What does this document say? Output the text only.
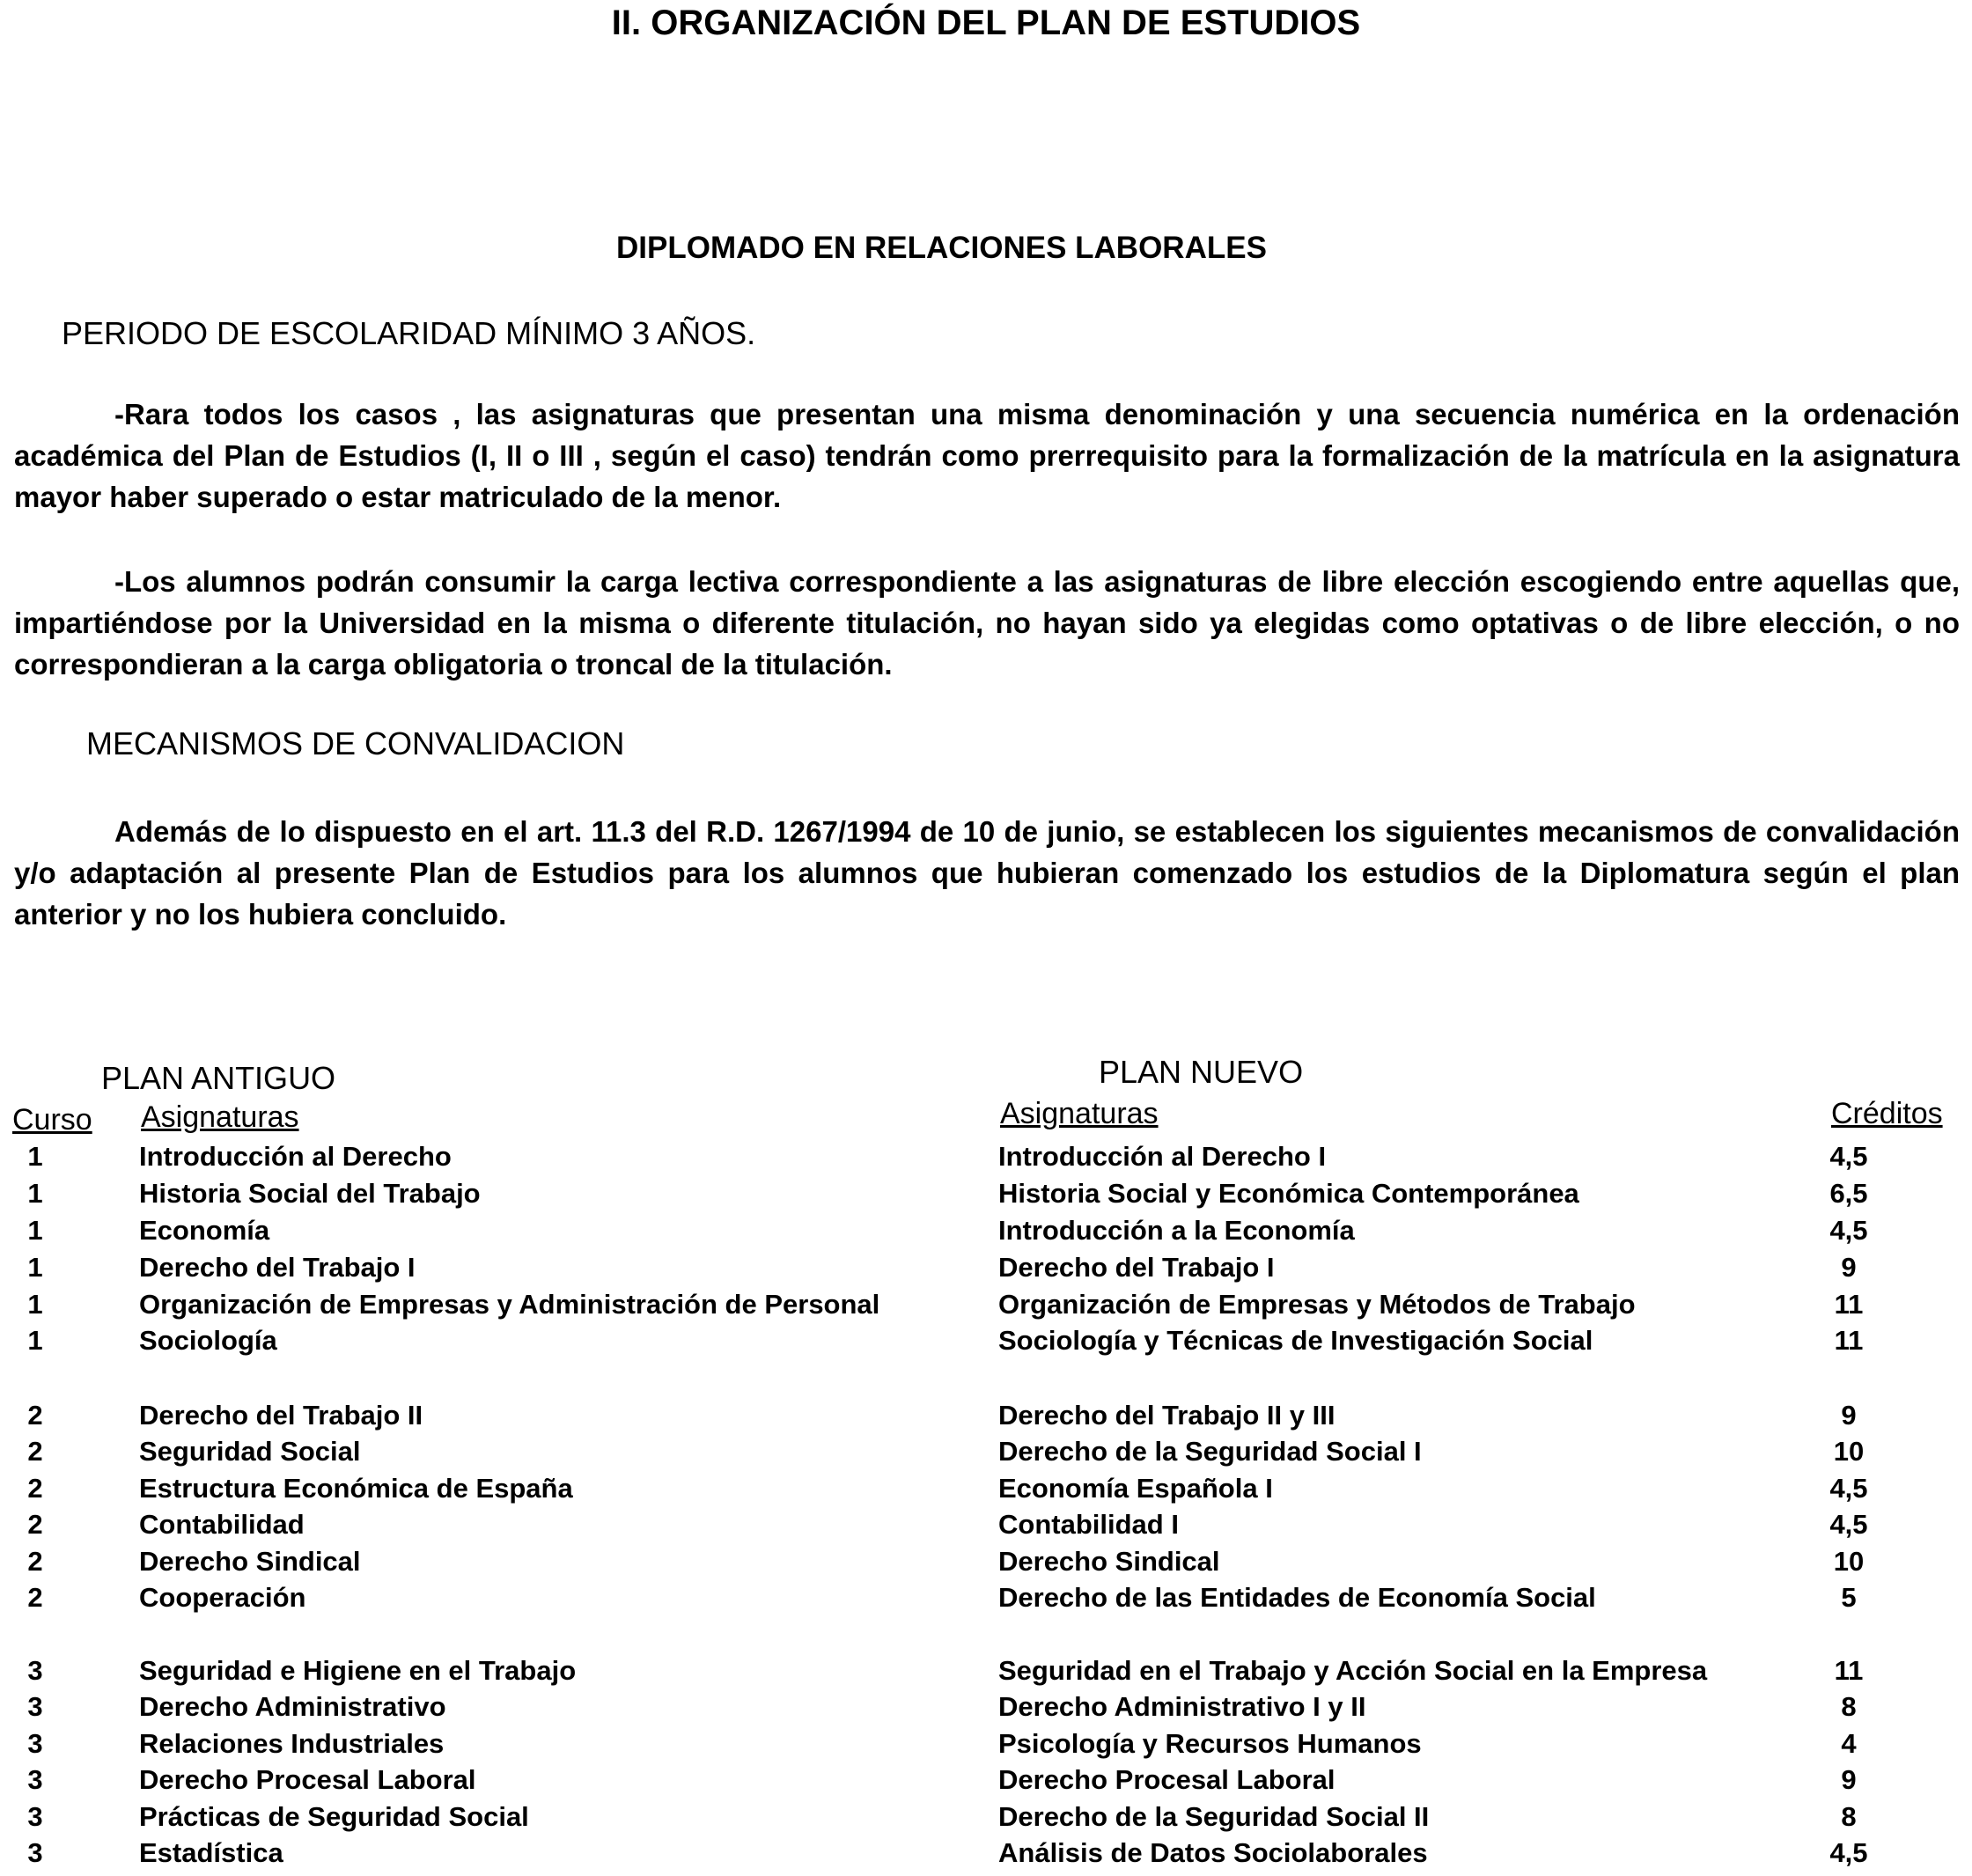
II. ORGANIZACIÓN DEL PLAN DE ESTUDIOS
DIPLOMADO EN RELACIONES LABORALES
PERIODO DE ESCOLARIDAD MÍNIMO 3 AÑOS.
-Rara todos los casos , las asignaturas que presentan una misma denominación y una secuencia numérica en la ordenación académica del Plan de Estudios (I, II o III , según el caso) tendrán como prerrequisito para la formalización de la matrícula en la asignatura mayor haber superado o estar matriculado de la menor.
-Los alumnos podrán consumir la carga lectiva correspondiente a las asignaturas de libre elección escogiendo entre aquellas que, impartiéndose por la Universidad en la misma o diferente titulación, no hayan sido ya elegidas como optativas o de libre elección, o no correspondieran a la carga obligatoria o troncal de la titulación.
MECANISMOS DE CONVALIDACION
Además de lo dispuesto en el art. 11.3 del R.D. 1267/1994 de 10 de junio, se establecen los siguientes mecanismos de convalidación y/o adaptación al presente Plan de Estudios para los alumnos que hubieran comenzado los estudios de la Diplomatura según el plan anterior y no los hubiera concluido.
PLAN ANTIGUO	PLAN NUEVO
Curso Asignaturas	Asignaturas	Créditos
1	Introducción al Derecho	Introducción al Derecho I	4,5
1	Historia Social del Trabajo	Historia Social y Económica Contemporánea	6,5
1	Economía	Introducción a la Economía	4,5
1	Derecho del Trabajo I	Derecho del Trabajo I	9
1	Organización de Empresas y Administración de Personal	Organización de Empresas y Métodos de Trabajo	11
1	Sociología	Sociología y Técnicas de Investigación Social	11
2	Derecho del Trabajo II	Derecho del Trabajo II y III	9
2	Seguridad Social	Derecho de la Seguridad Social I	10
2	Estructura Económica de España	Economía Española I	4,5
2	Contabilidad	Contabilidad I	4,5
2	Derecho Sindical	Derecho Sindical	10
2	Cooperación	Derecho de las Entidades de Economía Social	5
3	Seguridad e Higiene en el Trabajo	Seguridad en el Trabajo y Acción Social en la Empresa	11
3	Derecho Administrativo	Derecho Administrativo I y II	8
3	Relaciones Industriales	Psicología y Recursos Humanos	4
3	Derecho Procesal Laboral	Derecho Procesal Laboral	9
3	Prácticas de Seguridad Social	Derecho de la Seguridad Social II	8
3	Estadística	Análisis de Datos Sociolaborales	4,5
